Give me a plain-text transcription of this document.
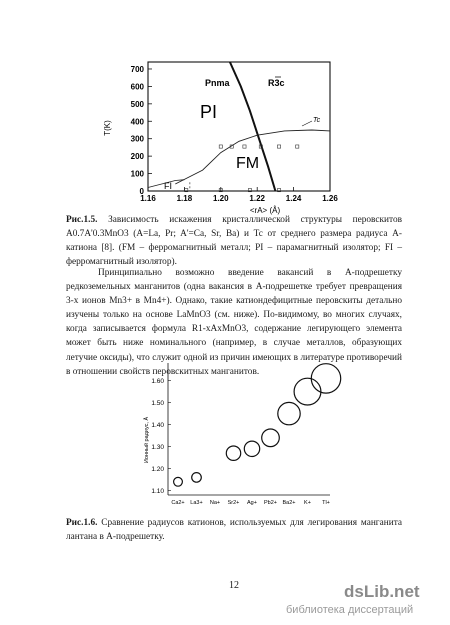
1.16	1.18	1.20	1.22	1.24	1.26
0
100
200
300
400
500
600
700
T(K)
<rA> (Å)
PI
FM
FI
Pnma	R3c
Tc

Рис.1.5. Зависимость искажения кристаллической структуры перовскитов A0.7A'0.3MnO3 (A=La, Pr; A'=Ca, Sr, Ba) и Tc от среднего размера радиуса A-катиона [8]. (FM – ферромагнитный металл; PI – парамагнитный изолятор; FI – ферромагнитный изолятор).

Принципиально возможно введение вакансий в А-подрешетку редкоземельных манганитов (одна вакансия в А-подрешетке требует превращения 3-х ионов Mn3+ в Mn4+). Однако, такие катиондефицитные перовскиты детально изучены только на основе LaMnO3 (см. ниже). По-видимому, во многих случаях, когда записывается формула R1-xAxMnO3, содержание легирующего элемента может быть ниже номинального (например, в случае металлов, образующих летучие оксиды), что служит одной из причин имеющих в литературе противоречий в отношении свойств перовскитных манганитов.

1.10
1.20
1.30
1.40
1.50
1.60
Ca2+ La3+ Na+ Sr2+ Ag+ Pb2+ Ba2+ K+ Tl+
Ионный радиус, Å

Рис.1.6. Сравнение радиусов катионов, используемых для легирования манганита лантана в А-подрешетку.

12	dsLib.net
библиотека диссертаций
